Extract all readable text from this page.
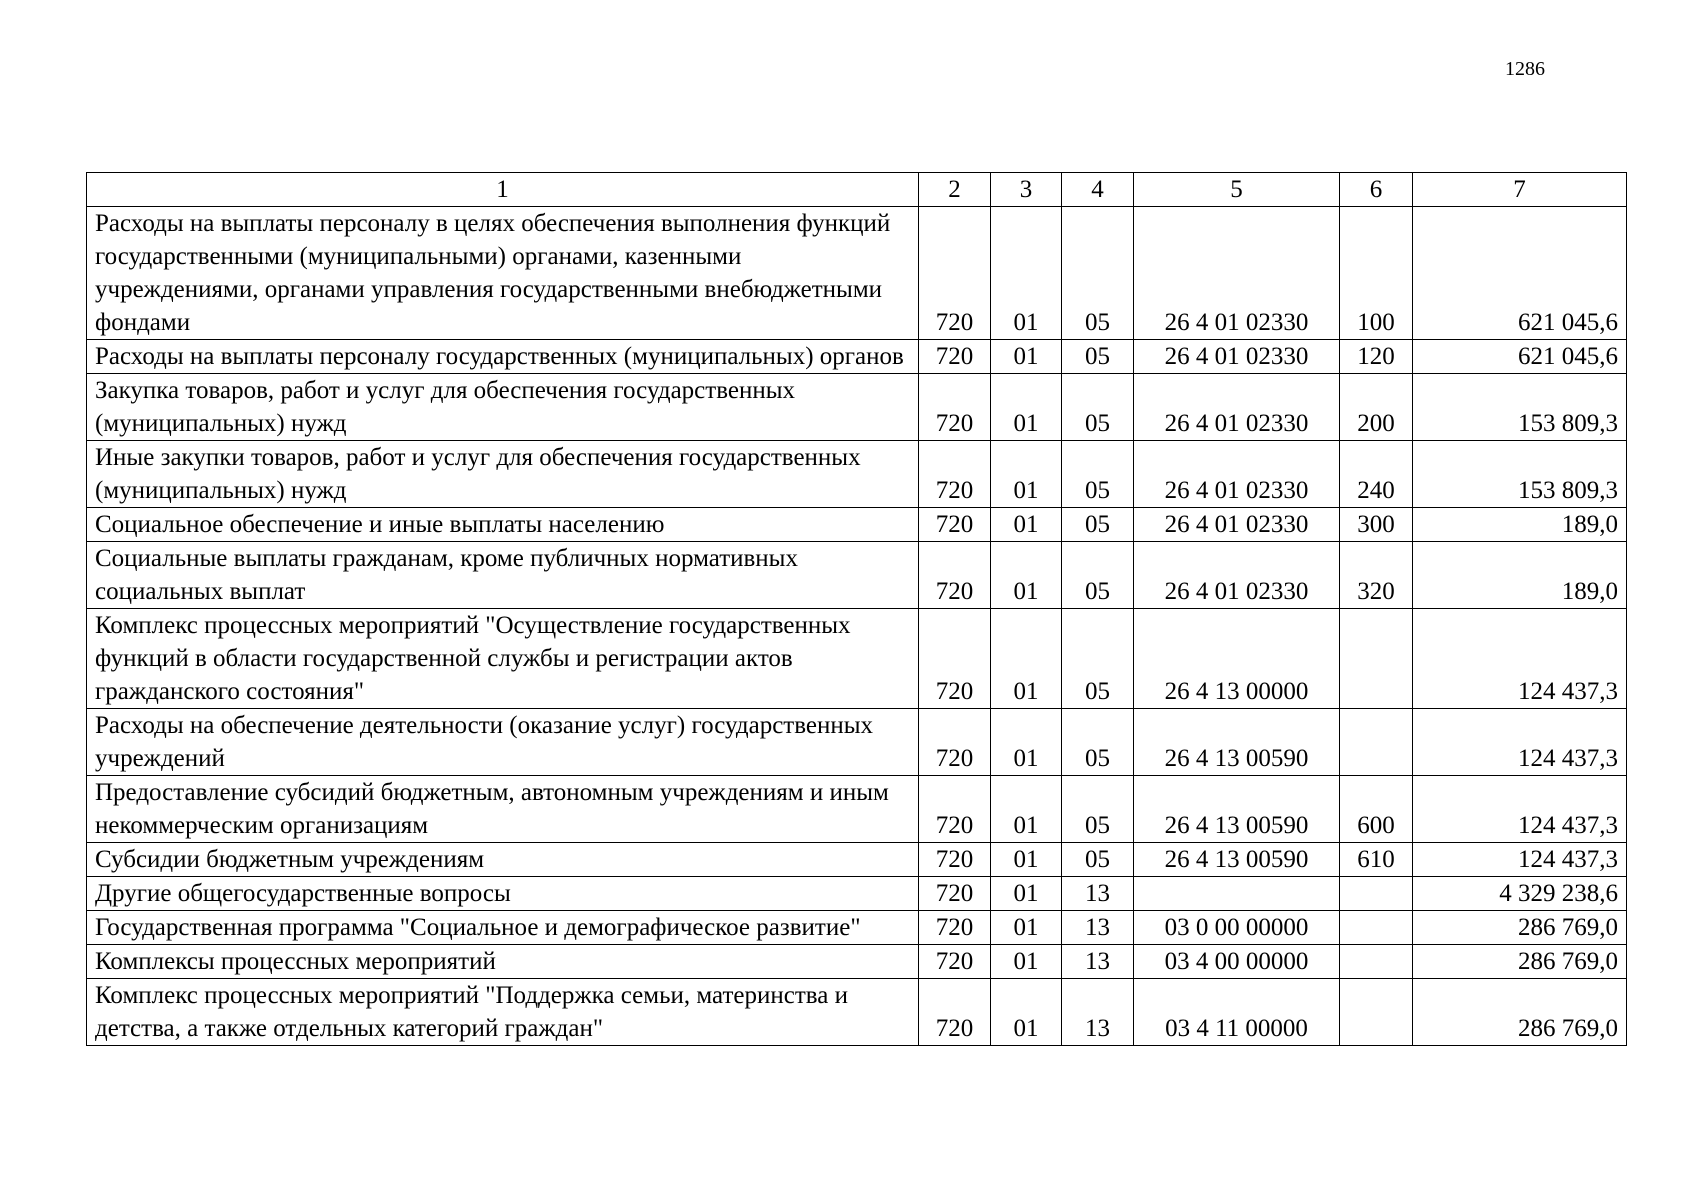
1286
1	2	3	4	5	6	7
Расходы на выплаты персоналу в целях обеспечения выполнения функций государственными (муниципальными) органами, казенными учреждениями, органами управления государственными внебюджетными фондами	720	01	05	26 4 01 02330	100	621 045,6
Расходы на выплаты персоналу государственных (муниципальных) органов	720	01	05	26 4 01 02330	120	621 045,6
Закупка товаров, работ и услуг для обеспечения государственных (муниципальных) нужд	720	01	05	26 4 01 02330	200	153 809,3
Иные закупки товаров, работ и услуг для обеспечения государственных (муниципальных) нужд	720	01	05	26 4 01 02330	240	153 809,3
Социальное обеспечение и иные выплаты населению	720	01	05	26 4 01 02330	300	189,0
Социальные выплаты гражданам, кроме публичных нормативных социальных выплат	720	01	05	26 4 01 02330	320	189,0
Комплекс процессных мероприятий "Осуществление государственных функций в области государственной службы и регистрации актов гражданского состояния"	720	01	05	26 4 13 00000		124 437,3
Расходы на обеспечение деятельности (оказание услуг) государственных учреждений	720	01	05	26 4 13 00590		124 437,3
Предоставление субсидий бюджетным, автономным учреждениям и иным некоммерческим организациям	720	01	05	26 4 13 00590	600	124 437,3
Субсидии бюджетным учреждениям	720	01	05	26 4 13 00590	610	124 437,3
Другие общегосударственные вопросы	720	01	13			4 329 238,6
Государственная программа "Социальное и демографическое развитие"	720	01	13	03 0 00 00000		286 769,0
Комплексы процессных мероприятий	720	01	13	03 4 00 00000		286 769,0
Комплекс процессных мероприятий "Поддержка семьи, материнства и детства, а также отдельных категорий граждан"	720	01	13	03 4 11 00000		286 769,0
